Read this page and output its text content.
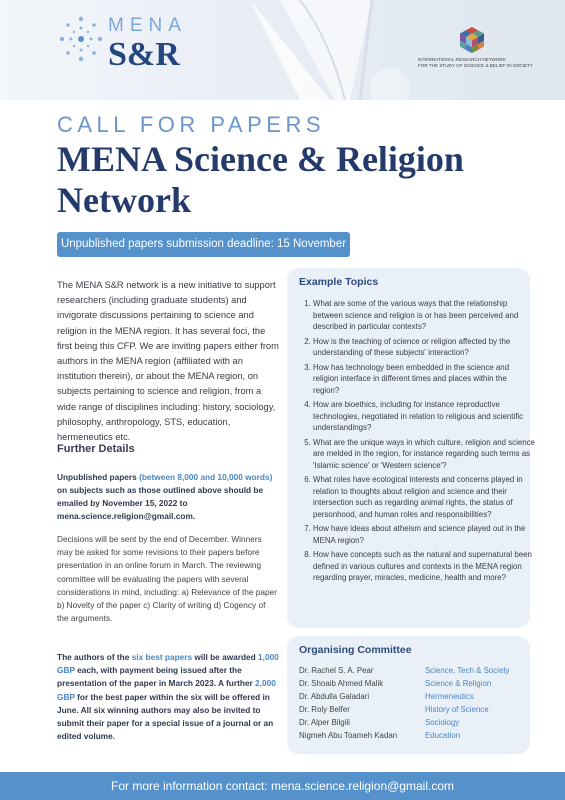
MENA
S&R	INTERNATIONAL RESEARCH NETWORK
FOR THE STUDY OF SCIENCE & BELIEF IN SOCIETY
CALL FOR PAPERS
MENA Science & Religion Network
Unpublished papers submission deadline: 15 November 2022
The MENA S&R network is a new initiative to support researchers (including graduate students) and invigorate discussions pertaining to science and religion in the MENA region. It has several foci, the first being this CFP. We are inviting papers either from authors in the MENA region (affiliated with an institution therein), or about the MENA region, on subjects pertaining to science and religion, from a wide range of disciplines including: history, sociology, philosophy, anthropology, STS, education, hermeneutics etc.
Further Details
Unpublished papers (between 8,000 and 10,000 words) on subjects such as those outlined above should be emailed by November 15, 2022 to mena.science.religion@gmail.com.
Decisions will be sent by the end of December. Winners may be asked for some revisions to their papers before presentation in an online forum in March. The reviewing committee will be evaluating the papers with several considerations in mind, including: a) Relevance of the paper b) Novelty of the paper c) Clarity of writing d) Cogency of the arguments.
The authors of the six best papers will be awarded 1,000 GBP each, with payment being issued after the presentation of the paper in March 2023. A further 2,000 GBP for the best paper within the six will be offered in June. All six winning authors may also be invited to submit their paper for a special issue of a journal or an edited volume.
Example Topics
1. What are some of the various ways that the relationship between science and religion is or has been perceived and described in particular contexts?
2. How is the teaching of science or religion affected by the understanding of these subjects' interaction?
3. How has technology been embedded in the science and religion interface in different times and places within the region?
4. How are bioethics, including for instance reproductive technologies, negotiated in relation to religious and scientific understandings?
5. What are the unique ways in which culture, religion and science are melded in the region, for instance regarding such terms as 'Islamic science' or 'Western science'?
6. What roles have ecological interests and concerns played in relation to thoughts about religion and science and their intersection such as regarding animal rights, the status of personhood, and human roles and responsibilities?
7. How have ideas about atheism and science played out in the MENA region?
8. How have concepts such as the natural and supernatural been defined in various cultures and contexts in the MENA region regarding prayer, miracles, medicine, health and more?
Organising Committee
Dr. Rachel S. A. Pear	Science, Tech & Society
Dr. Shoaib Ahmed Malik	Science & Religion
Dr. Abdulla Galadari	Hermeneutics
Dr. Roly Belfer	History of Science
Dr. Alper Bilgili	Sociology
Nigmeh Abu Toameh Kadan	Education
For more information contact: mena.science.religion@gmail.com
